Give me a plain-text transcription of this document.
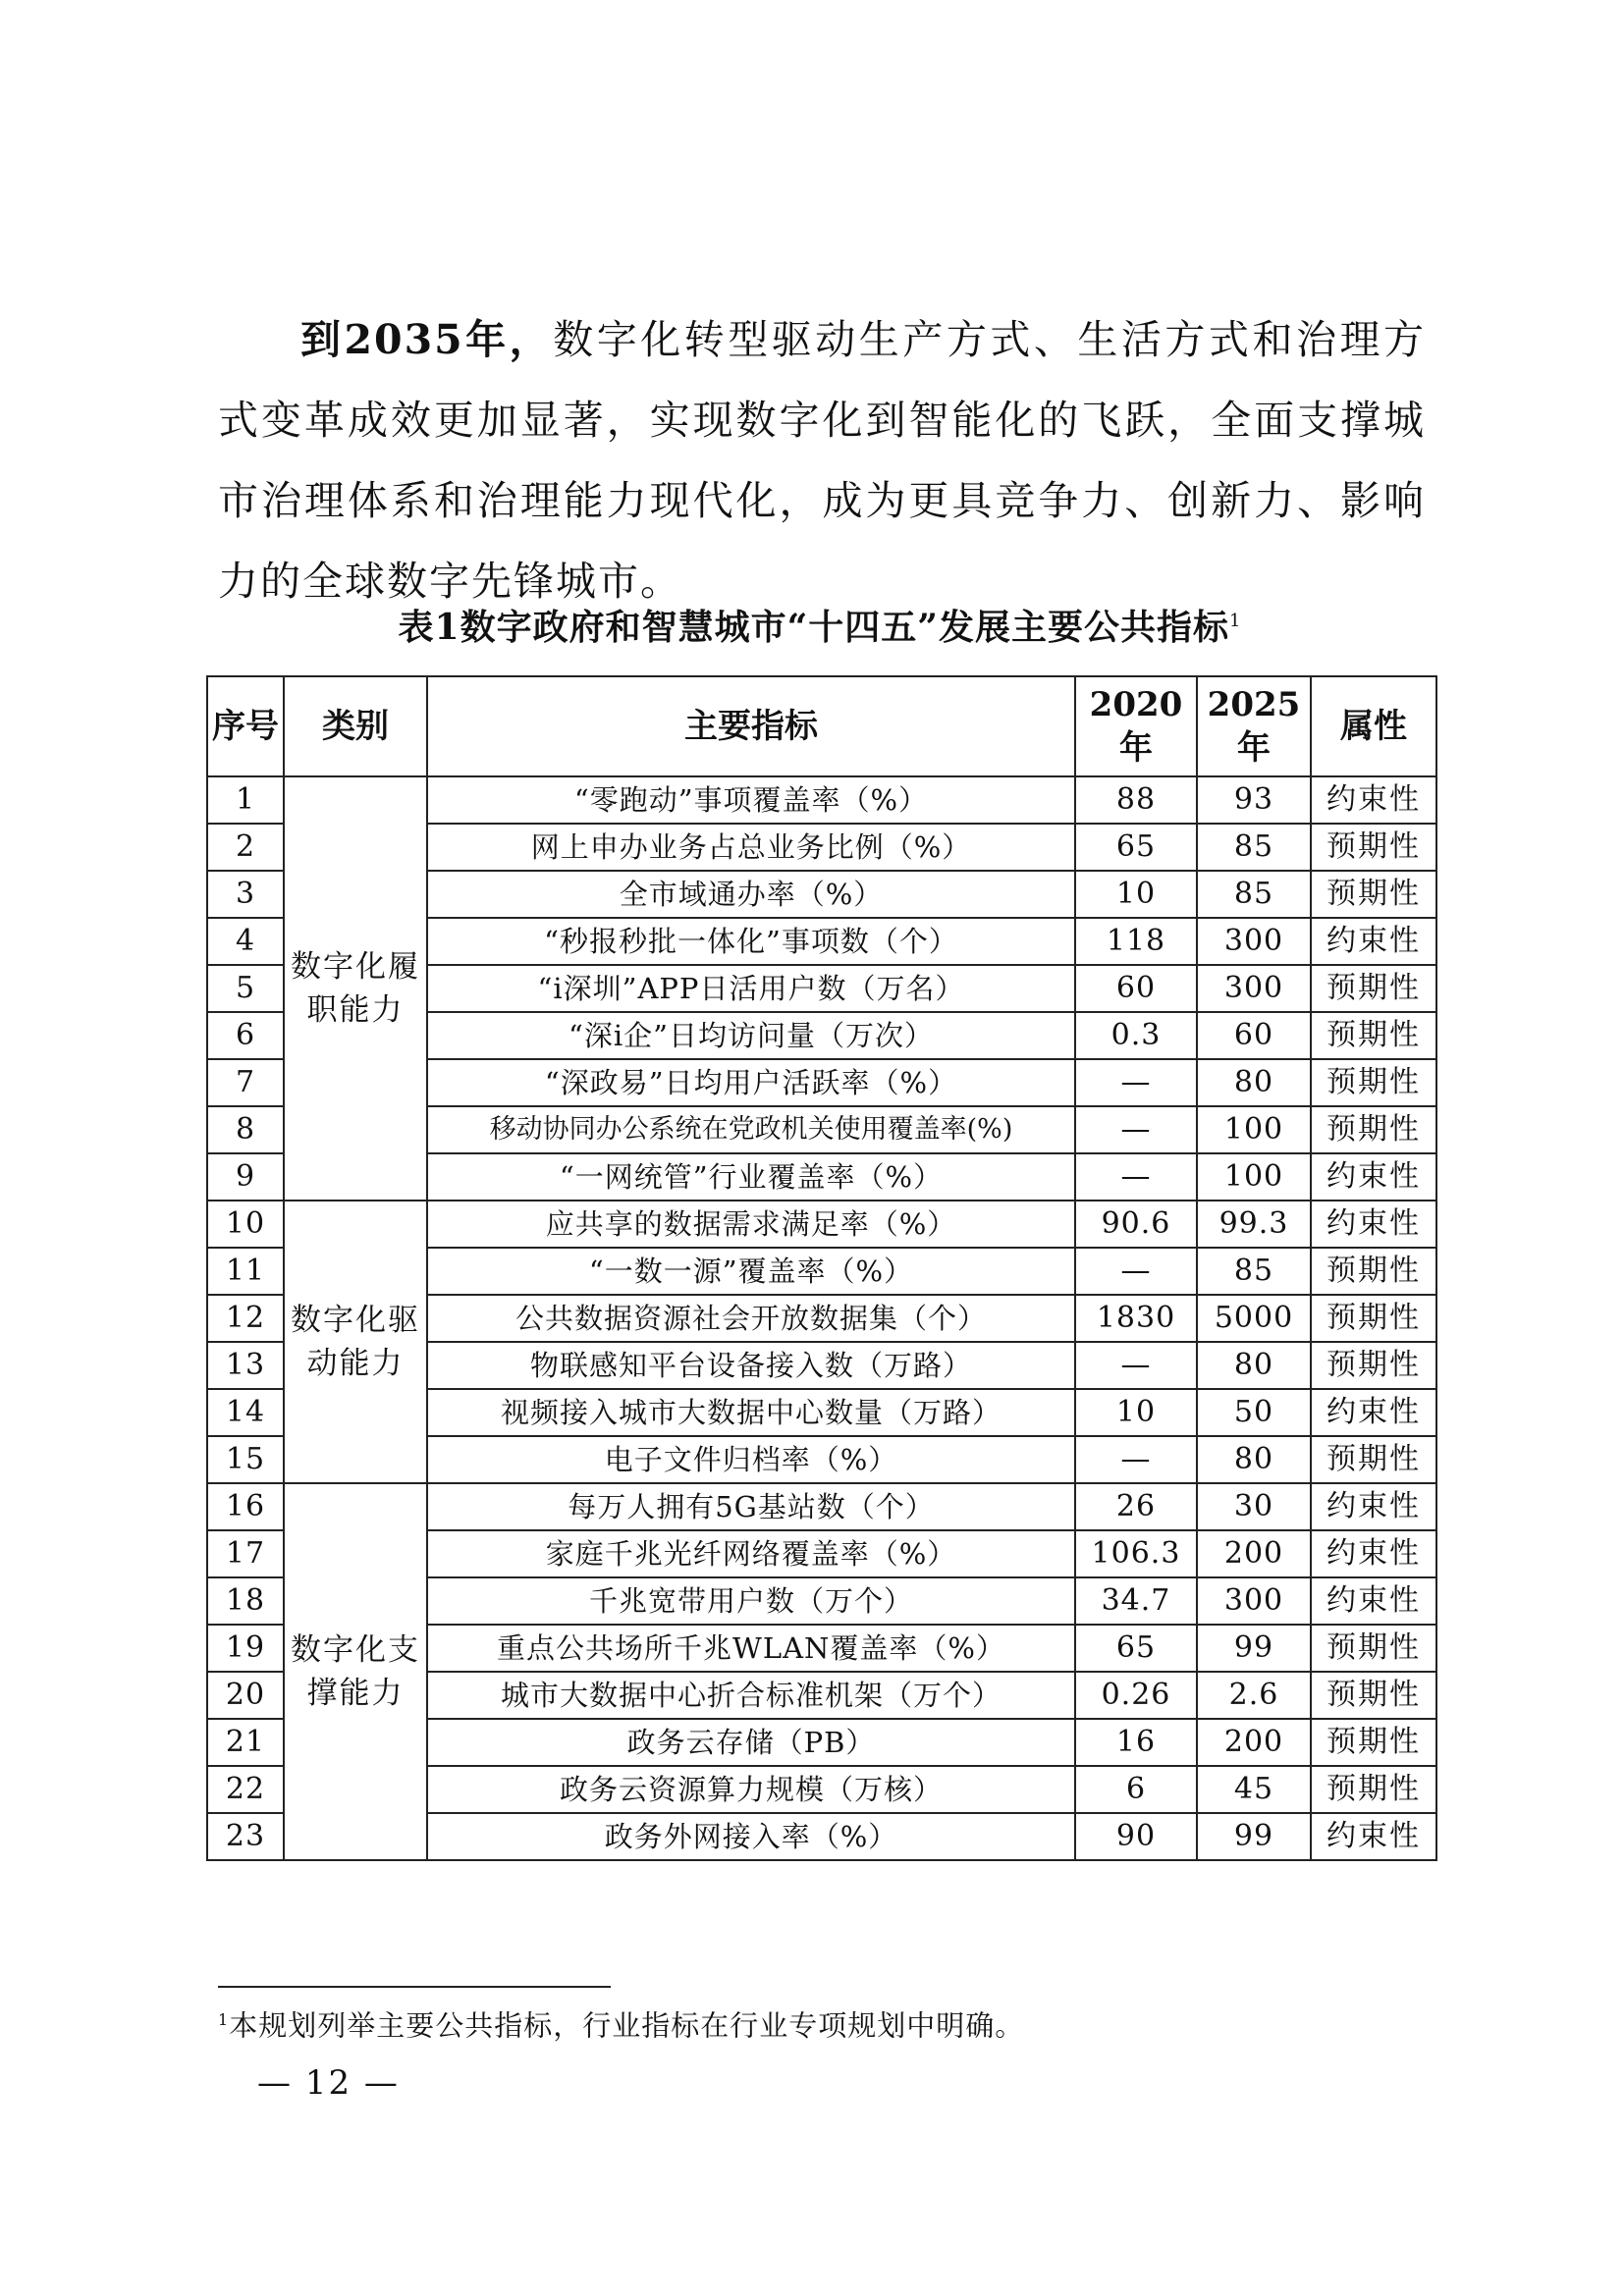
到2035年，数字化转型驱动生产方式、生活方式和治理方式变革成效更加显著，实现数字化到智能化的飞跃，全面支撑城市治理体系和治理能力现代化，成为更具竞争力、创新力、影响力的全球数字先锋城市。

表1数字政府和智慧城市“十四五”发展主要公共指标$^1$
序号	类别	主要指标	2020年	2025年	属性
1	数字化履职能力	“零跑动”事项覆盖率（%）	88	93	约束性
2		网上申办业务占总业务比例（%）	65	85	预期性
3		全市域通办率（%）	10	85	预期性
4		“秒报秒批一体化”事项数（个）	118	300	约束性
5		“i深圳”APP日活用户数（万名）	60	300	预期性
6		“深i企”日均访问量（万次）	0.3	60	预期性
7		“深政易”日均用户活跃率（%）	—	80	预期性
8		移动协同办公系统在党政机关使用覆盖率(%)	—	100	预期性
9		“一网统管”行业覆盖率（%）	—	100	约束性
10	数字化驱动能力	应共享的数据需求满足率（%）	90.6	99.3	约束性
11		“一数一源”覆盖率（%）	—	85	预期性
12		公共数据资源社会开放数据集（个）	1830	5000	预期性
13		物联感知平台设备接入数（万路）	—	80	预期性
14		视频接入城市大数据中心数量（万路）	10	50	约束性
15		电子文件归档率（%）	—	80	预期性
16	数字化支撑能力	每万人拥有5G基站数（个）	26	30	约束性
17		家庭千兆光纤网络覆盖率（%）	106.3	200	约束性
18		千兆宽带用户数（万个）	34.7	300	约束性
19		重点公共场所千兆WLAN覆盖率（%）	65	99	预期性
20		城市大数据中心折合标准机架（万个）	0.26	2.6	预期性
21		政务云存储（PB）	16	200	预期性
22		政务云资源算力规模（万核）	6	45	预期性
23		政务外网接入率（%）	90	99	约束性
$^1$本规划列举主要公共指标，行业指标在行业专项规划中明确。
— 12 —
